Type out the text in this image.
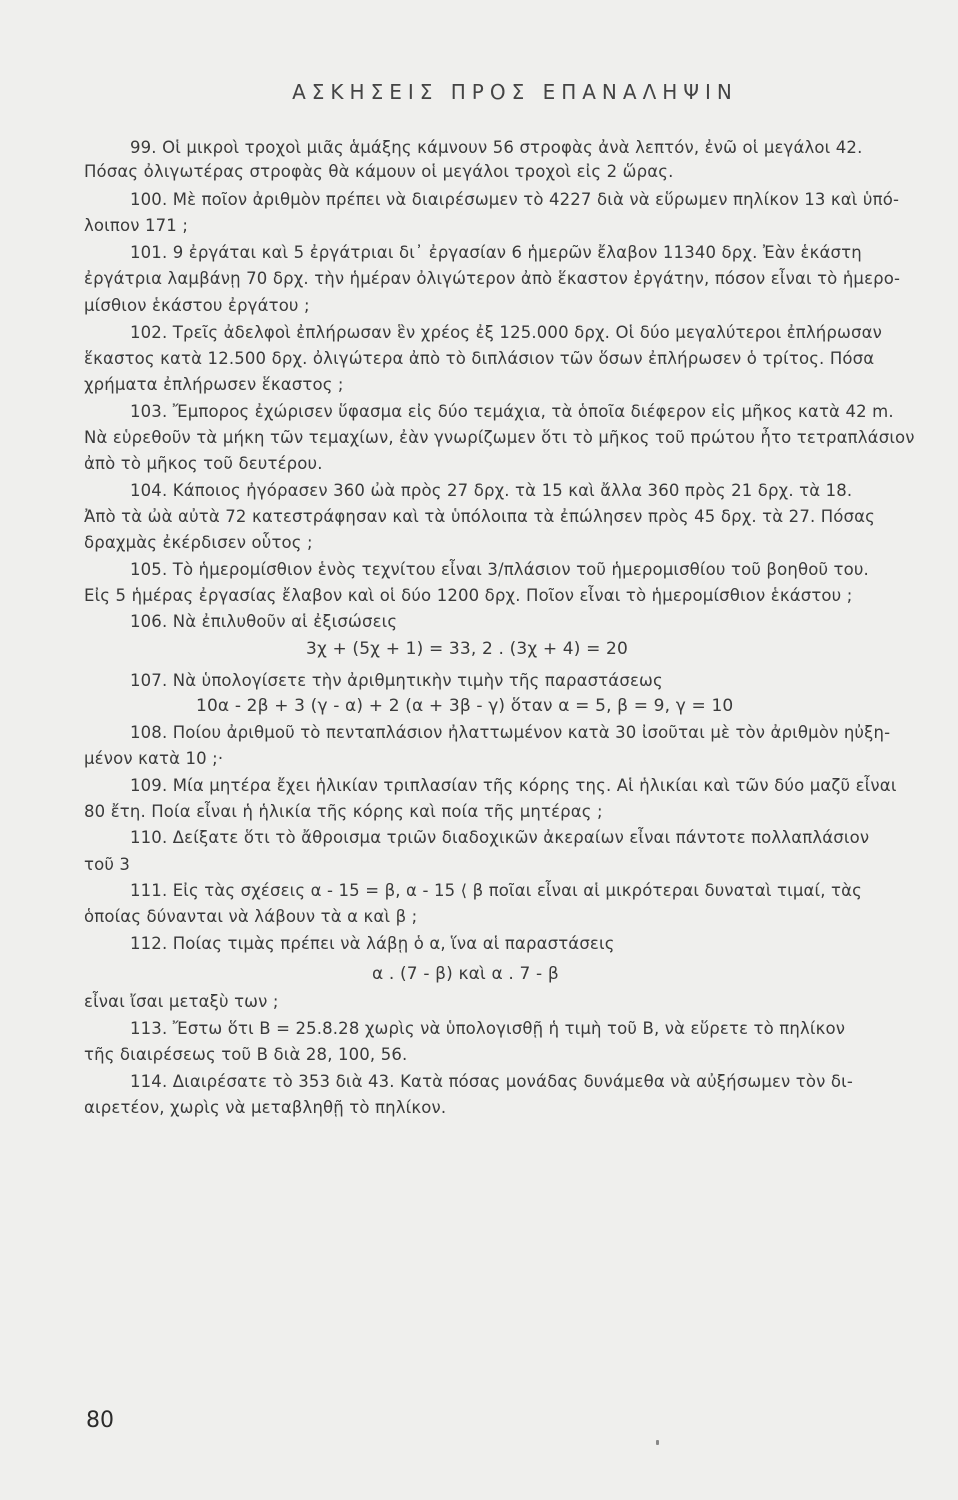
ΑΣΚΗΣΕΙΣ ΠΡΟΣ ΕΠΑΝΑΛΗΨΙΝ
99. Οἱ μικροὶ τροχοὶ μιᾶς ἁμάξης κάμνουν 56 στροφὰς ἀνὰ λεπτόν, ἐνῶ οἱ μεγάλοι 42.
Πόσας ὀλιγωτέρας στροφὰς θὰ κάμουν οἱ μεγάλοι τροχοὶ εἰς 2 ὥρας.
100. Μὲ ποῖον ἀριθμὸν πρέπει νὰ διαιρέσωμεν τὸ 4227 διὰ νὰ εὕρωμεν πηλίκον 13 καὶ ὑπό-
λοιπον 171 ;
101. 9 ἐργάται καὶ 5 ἐργάτριαι δι᾽ ἐργασίαν 6 ἡμερῶν ἔλαβον 11340 δρχ. Ἐὰν ἑκάστη
ἐργάτρια λαμβάνῃ 70 δρχ. τὴν ἡμέραν ὀλιγώτερον ἀπὸ ἕκαστον ἐργάτην, πόσον εἶναι τὸ ἡμερο-
μίσθιον ἑκάστου ἐργάτου ;
102. Τρεῖς ἀδελφοὶ ἐπλήρωσαν ἓν χρέος ἐξ 125.000 δρχ. Οἱ δύο μεγαλύτεροι ἐπλήρωσαν
ἕκαστος κατὰ 12.500 δρχ. ὀλιγώτερα ἀπὸ τὸ διπλάσιον τῶν ὅσων ἐπλήρωσεν ὁ τρίτος. Πόσα
χρήματα ἐπλήρωσεν ἕκαστος ;
103. Ἔμπορος ἐχώρισεν ὕφασμα εἰς δύο τεμάχια, τὰ ὁποῖα διέφερον εἰς μῆκος κατὰ 42 m.
Νὰ εὑρεθοῦν τὰ μήκη τῶν τεμαχίων, ἐὰν γνωρίζωμεν ὅτι τὸ μῆκος τοῦ πρώτου ἦτο τετραπλάσιον
ἀπὸ τὸ μῆκος τοῦ δευτέρου.
104. Κάποιος ἠγόρασεν 360 ὠὰ πρὸς 27 δρχ. τὰ 15 καὶ ἄλλα 360 πρὸς 21 δρχ. τὰ 18.
Ἀπὸ τὰ ὠὰ αὐτὰ 72 κατεστράφησαν καὶ τὰ ὑπόλοιπα τὰ ἐπώλησεν πρὸς 45 δρχ. τὰ 27. Πόσας
δραχμὰς ἐκέρδισεν οὗτος ;
105. Τὸ ἡμερομίσθιον ἑνὸς τεχνίτου εἶναι 3/πλάσιον τοῦ ἡμερομισθίου τοῦ βοηθοῦ του.
Εἰς 5 ἡμέρας ἐργασίας ἔλαβον καὶ οἱ δύο 1200 δρχ. Ποῖον εἶναι τὸ ἡμερομίσθιον ἑκάστου ;
106. Νὰ ἐπιλυθοῦν αἱ ἐξισώσεις
3χ + (5χ + 1) = 33, 2 . (3χ + 4) = 20
107. Νὰ ὑπολογίσετε τὴν ἀριθμητικὴν τιμὴν τῆς παραστάσεως
10α - 2β + 3 (γ - α) + 2 (α + 3β - γ) ὅταν α = 5, β = 9, γ = 10
108. Ποίου ἀριθμοῦ τὸ πενταπλάσιον ἠλαττωμένον κατὰ 30 ἰσοῦται μὲ τὸν ἀριθμὸν ηὐξη-
μένον κατὰ 10 ;·
109. Μία μητέρα ἔχει ἡλικίαν τριπλασίαν τῆς κόρης της. Αἱ ἡλικίαι καὶ τῶν δύο μαζῦ εἶναι
80 ἔτη. Ποία εἶναι ἡ ἡλικία τῆς κόρης καὶ ποία τῆς μητέρας ;
110. Δείξατε ὅτι τὸ ἄθροισμα τριῶν διαδοχικῶν ἀκεραίων εἶναι πάντοτε πολλαπλάσιον
τοῦ 3
111. Εἰς τὰς σχέσεις α - 15 = β, α - 15 ⟨ β ποῖαι εἶναι αἱ μικρότεραι δυναταὶ τιμαί, τὰς
ὁποίας δύνανται νὰ λάβουν τὰ α καὶ β ;
112. Ποίας τιμὰς πρέπει νὰ λάβῃ ὁ α, ἵνα αἱ παραστάσεις
α . (7 - β) καὶ α . 7 - β
εἶναι ἴσαι μεταξὺ των ;
113. Ἔστω ὅτι Β = 25.8.28 χωρὶς νὰ ὑπολογισθῇ ἡ τιμὴ τοῦ Β, νὰ εὕρετε τὸ πηλίκον
τῆς διαιρέσεως τοῦ Β διὰ 28, 100, 56.
114. Διαιρέσατε τὸ 353 διὰ 43. Κατὰ πόσας μονάδας δυνάμεθα νὰ αὐξήσωμεν τὸν δι-
αιρετέον, χωρὶς νὰ μεταβληθῇ τὸ πηλίκον.
80
